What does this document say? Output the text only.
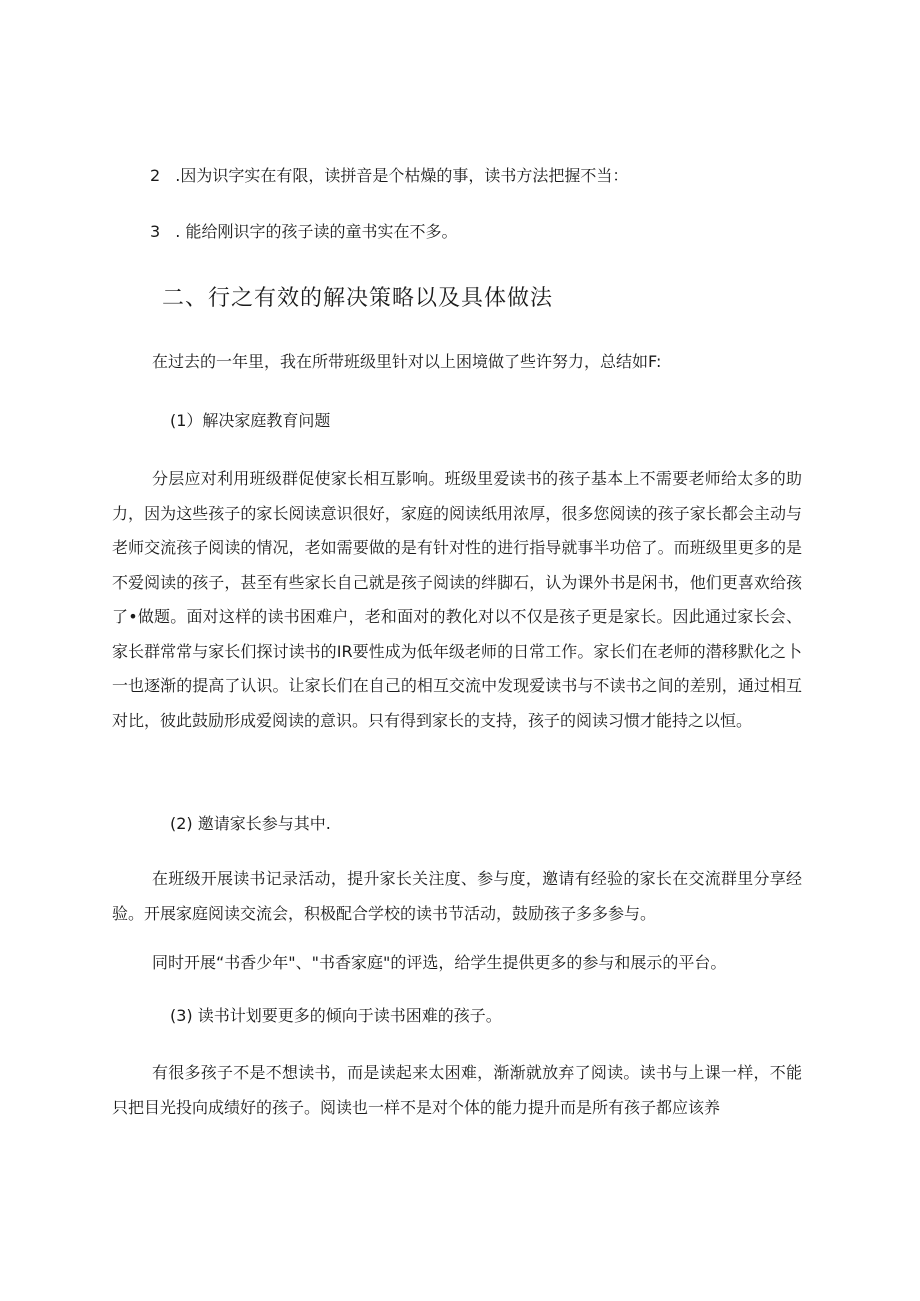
2 .因为识字实在有限，读拼音是个枯燥的事，读书方法把握不当：
3 . 能给刚识字的孩子读的童书实在不多。
二、行之有效的解决策略以及具体做法
在过去的一年里，我在所带班级里针对以上困境做了些许努力，总结如F:
(1）解决家庭教育问题

分层应对利用班级群促使家长相互影响。班级里爱读书的孩子基本上不需要老师给太多的助力，因为这些孩子的家长阅读意识很好，家庭的阅读纸用浓厚，很多您阅读的孩子家长都会主动与老师交流孩子阅读的情况，老如需要做的是有针对性的进行指导就事半功倍了。而班级里更多的是不爱阅读的孩子，甚至有些家长自己就是孩子阅读的绊脚石，认为课外书是闲书，他们更喜欢给孩了•做题。面对这样的读书困难户，老和面对的教化对以不仅是孩子更是家长。因此通过家长会、家长群常常与家长们探讨读书的IR要性成为低年级老师的日常工作。家长们在老师的潜移默化之卜一也逐渐的提高了认识。让家长们在自己的相互交流中发现爱读书与不读书之间的差别，通过相互对比，彼此鼓励形成爱阅读的意识。只有得到家长的支持，孩子的阅读习惯才能持之以恒。

(2) 邀请家长参与其中.

在班级开展读书记录活动，提升家长关注度、参与度，邀请有经验的家长在交流群里分享经验。开展家庭阅读交流会，积极配合学校的读书节活动，鼓励孩子多多参与。

同时开展“书香少年"、"书香家庭"的评选，给学生提供更多的参与和展示的平台。

(3) 读书计划要更多的倾向于读书困难的孩子。

有很多孩子不是不想读书，而是读起来太困难，渐渐就放弃了阅读。读书与上课一样，不能只把目光投向成绩好的孩子。阅读也一样不是对个体的能力提升而是所有孩子都应该养
